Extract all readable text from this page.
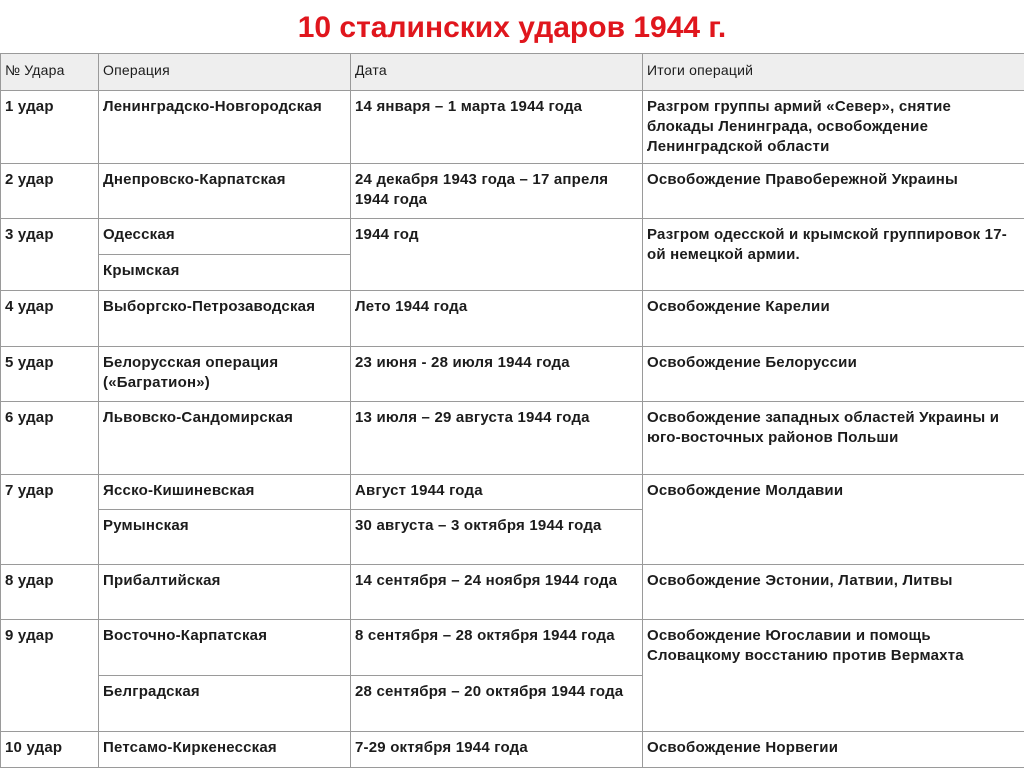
10 сталинских ударов 1944 г.
№ Удара	Операция	Дата	Итоги операций
1 удар	Ленинградско-Новгородская	14 января – 1 марта 1944 года	Разгром группы армий «Север», снятие блокады Ленинграда, освобождение Ленинградской области
2 удар	Днепровско-Карпатская	24 декабря 1943 года – 17 апреля 1944 года	Освобождение Правобережной Украины
3 удар	Одесская	1944 год	Разгром одесской и крымской группировок 17-ой немецкой армии.
	Крымская		
4 удар	Выборгско-Петрозаводская	Лето 1944 года	Освобождение Карелии
5 удар	Белорусская операция («Багратион»)	23 июня - 28 июля 1944 года	Освобождение Белоруссии
6 удар	Львовско-Сандомирская	13 июля – 29 августа 1944 года	Освобождение западных областей Украины и юго-восточных районов Польши
7 удар	Ясско-Кишиневская	Август 1944 года	Освобождение Молдавии
	Румынская	30 августа – 3 октября 1944 года	
8 удар	Прибалтийская	14 сентября – 24 ноября 1944 года	Освобождение Эстонии, Латвии, Литвы
9 удар	Восточно-Карпатская	8 сентября – 28 октября 1944 года	Освобождение Югославии и помощь Словацкому восстанию против Вермахта
	Белградская	28 сентября – 20 октября 1944 года	
10 удар	Петсамо-Киркенесская	7-29 октября 1944 года	Освобождение Норвегии
